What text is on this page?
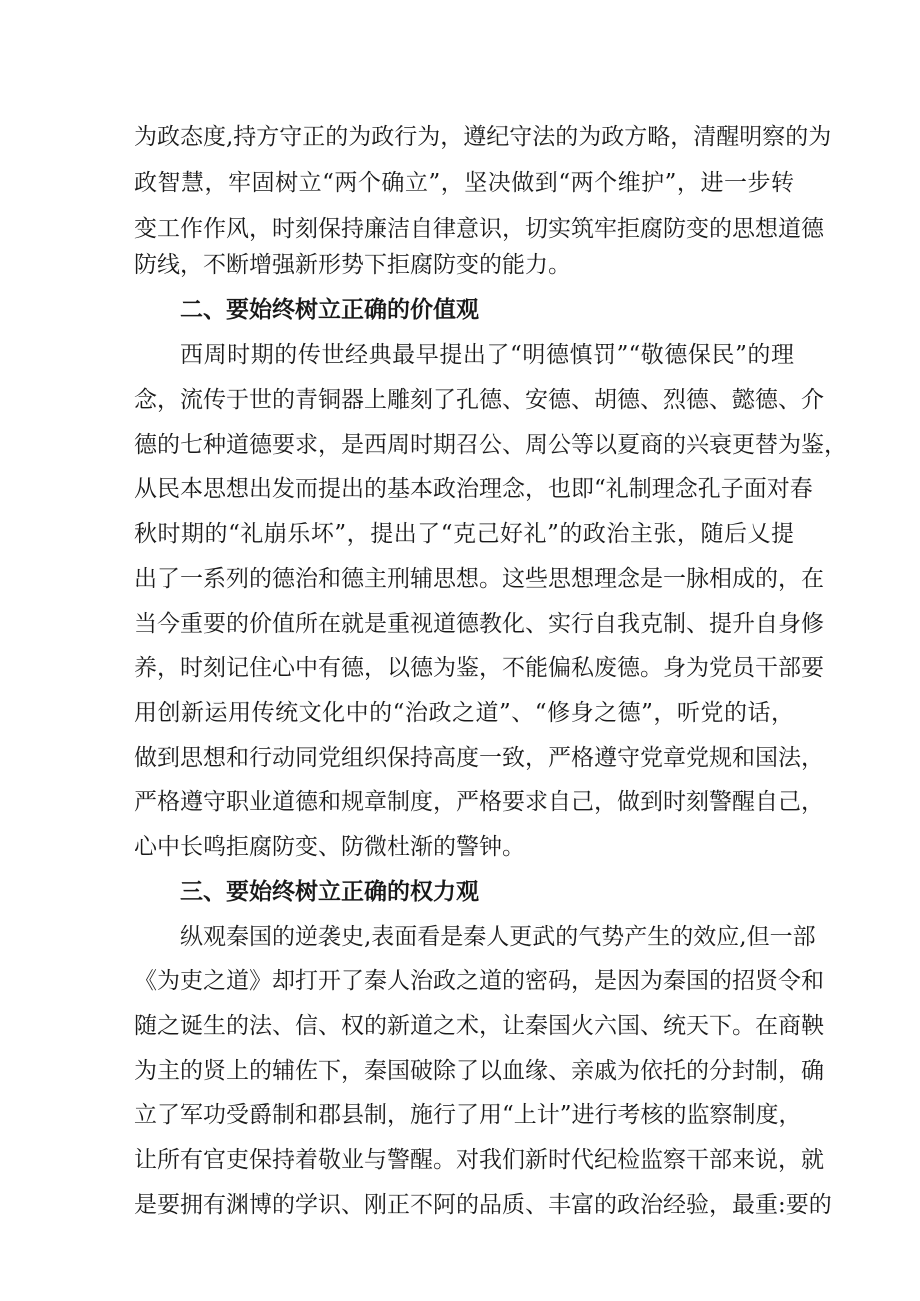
为政态度,持方守正的为政行为，遵纪守法的为政方略，清醒明察的为
政智慧，牢固树立“两个确立”，坚决做到“两个维护”，进一步转
变工作作风，时刻保持廉洁自律意识，切实筑牢拒腐防变的思想道德
防线，不断增强新形势下拒腐防变的能力。
二、要始终树立正确的价值观
西周时期的传世经典最早提出了“明德慎罚”“敬德保民”的理
念，流传于世的青铜器上雕刻了孔德、安德、胡德、烈德、懿德、介
德的七种道德要求，是西周时期召公、周公等以夏商的兴衰更替为鉴，
从民本思想出发而提出的基本政治理念，也即“礼制理念孔子面对春
秋时期的“礼崩乐坏”，提出了“克己好礼”的政治主张，随后乂提
出了一系列的德治和德主刑辅思想。这些思想理念是一脉相成的，在
当今重要的价值所在就是重视道德教化、实行自我克制、提升自身修
养，时刻记住心中有德，以德为鉴，不能偏私废德。身为党员干部要
用创新运用传统文化中的“治政之道”、“修身之德”，听党的话，
做到思想和行动同党组织保持高度一致，严格遵守党章党规和国法，
严格遵守职业道德和规章制度，严格要求自己，做到时刻警醒自己，
心中长鸣拒腐防变、防微杜渐的警钟。
三、要始终树立正确的权力观
纵观秦国的逆袭史,表面看是秦人更武的气势产生的效应,但一部
《为吏之道》却打开了秦人治政之道的密码，是因为秦国的招贤令和
随之诞生的法、信、权的新道之术，让秦国火六国、统天下。在商鞅
为主的贤上的辅佐下，秦国破除了以血缘、亲戚为依托的分封制，确
立了军功受爵制和郡县制，施行了用“上计”进行考核的监察制度，
让所有官吏保持着敬业与警醒。对我们新时代纪检监察干部来说，就
是要拥有渊博的学识、刚正不阿的品质、丰富的政治经验，最重:要的
